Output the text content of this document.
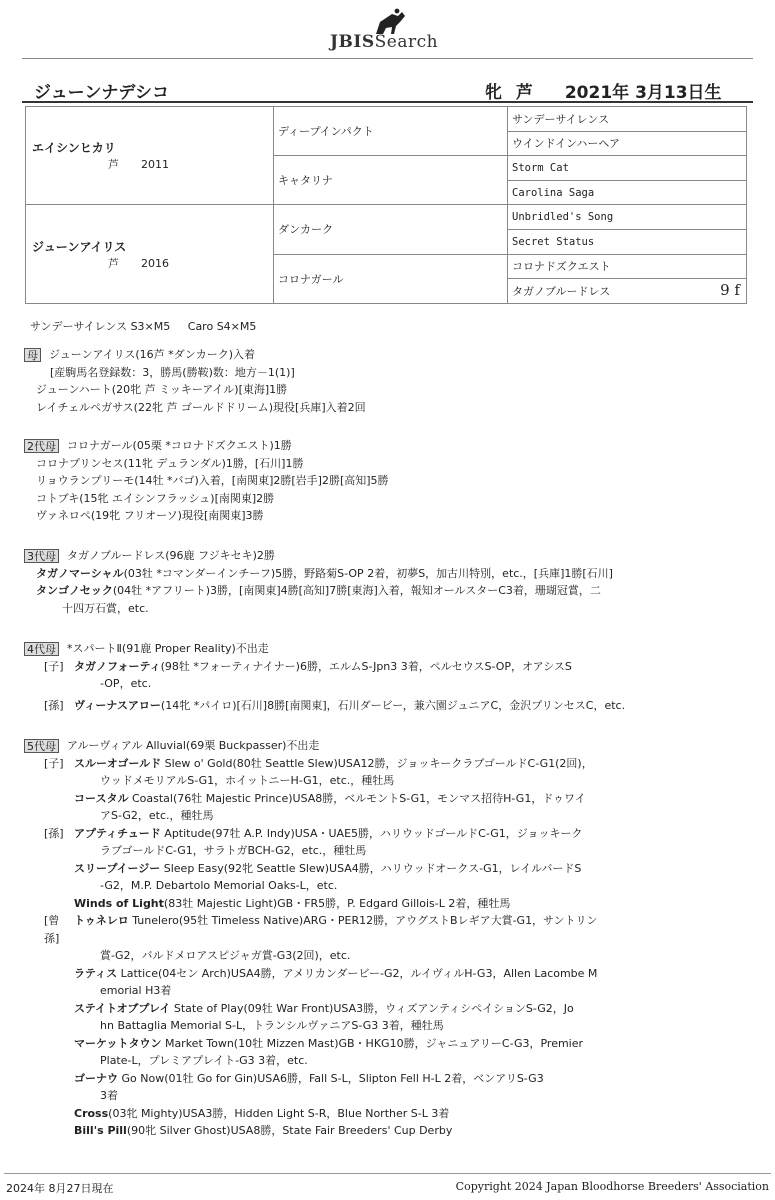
JBISSearch
ジューンナデシコ	牝 芦 2021年 3月13日生
エイシンヒカリ
芦 2011	ディープインパクト	サンデーサイレンス
		ウインドインハーヘア
	キャタリナ	Storm Cat
		Carolina Saga

ジューンアイリス
芦 2016	ダンカーク	Unbridled's Song
		Secret Status
	コロナガール	コロナドズクエスト
		タガノブルードレス 9 f
サンデーサイレンス S3×M5 Caro S4×M5
母 ジューンアイリス(16芦 *ダンカーク)入着
[産駒馬名登録数：3，勝馬(勝鞍)数：地方－1(1)]
ジューンハート(20牝 芦 ミッキーアイル)[東海]1勝
レイチェルペガサス(22牝 芦 ゴールドドリーム)現役[兵庫]入着2回
2代母 コロナガール(05栗 *コロナドズクエスト)1勝
コロナプリンセス(11牝 デュランダル)1勝，[石川]1勝
リョウランプリーモ(14牡 *バゴ)入着，[南関東]2勝[岩手]2勝[高知]5勝
コトブキ(15牝 エイシンフラッシュ)[南関東]2勝
ヴァネロペ(19牝 フリオーソ)現役[南関東]3勝
3代母 タガノブルードレス(96鹿 フジキセキ)2勝
タガノマーシャル(03牡 *コマンダーインチーフ)5勝，野路菊S-OP 2着，初夢S，加古川特別，etc.，[兵庫]1勝[石川]
タンゴノセック(04牡 *アフリート)3勝，[南関東]4勝[高知]7勝[東海]入着，報知オールスターC3着，珊瑚冠賞，二
十四万石賞，etc.
4代母 *スパートⅡ(91鹿 Proper Reality)不出走
[子] タガノフォーティ(98牡 *フォーティナイナー)6勝，エルムS-Jpn3 3着，ペルセウスS-OP，オアシスS
-OP，etc.
[孫] ヴィーナスアロー(14牝 *パイロ)[石川]8勝[南関東]，石川ダービー，兼六園ジュニアC，金沢プリンセスC，etc.
5代母 アルーヴィアル Alluvial(69栗 Buckpasser)不出走
[子] スルーオゴールド Slew o' Gold(80牡 Seattle Slew)USA12勝，ジョッキークラブゴールドC-G1(2回)，
ウッドメモリアルS-G1，ホイットニーH-G1，etc.，種牡馬
コースタル Coastal(76牡 Majestic Prince)USA8勝，ベルモントS-G1，モンマス招待H-G1，ドゥワイ
アS-G2，etc.，種牡馬
[孫] アプティチュード Aptitude(97牡 A.P. Indy)USA・UAE5勝，ハリウッドゴールドC-G1，ジョッキーク
ラブゴールドC-G1，サラトガBCH-G2，etc.，種牡馬
スリープイージー Sleep Easy(92牝 Seattle Slew)USA4勝，ハリウッドオークス-G1，レイルバードS
-G2，M.P. Debartolo Memorial Oaks-L，etc.
Winds of Light(83牡 Majestic Light)GB・FR5勝，P. Edgard Gillois-L 2着，種牡馬
[曾孫]
トゥネレロ Tunelero(95牡 Timeless Native)ARG・PER12勝，アウグストBレギア大賞-G1，サントリン
賞-G2，バルドメロアスピジャガ賞-G3(2回)，etc.
ラティス Lattice(04セン Arch)USA4勝，アメリカンダービー-G2，ルイヴィルH-G3，Allen Lacombe M
emorial H3着
ステイトオブプレイ State of Play(09牡 War Front)USA3勝，ウィズアンティシペイションS-G2，Jo
hn Battaglia Memorial S-L，トランシルヴァニアS-G3 3着，種牡馬
マーケットタウン Market Town(10牡 Mizzen Mast)GB・HKG10勝，ジャニュアリーC-G3，Premier
Plate-L，プレミアプレイト-G3 3着，etc.
ゴーナウ Go Now(01牡 Go for Gin)USA6勝，Fall S-L，Slipton Fell H-L 2着，ベンアリS-G3
3着
Cross(03牝 Mighty)USA3勝，Hidden Light S-R，Blue Norther S-L 3着
Bill's Pill(90牝 Silver Ghost)USA8勝，State Fair Breeders' Cup Derby
2024年 8月27日現在	Copyright 2024 Japan Bloodhorse Breeders' Association
